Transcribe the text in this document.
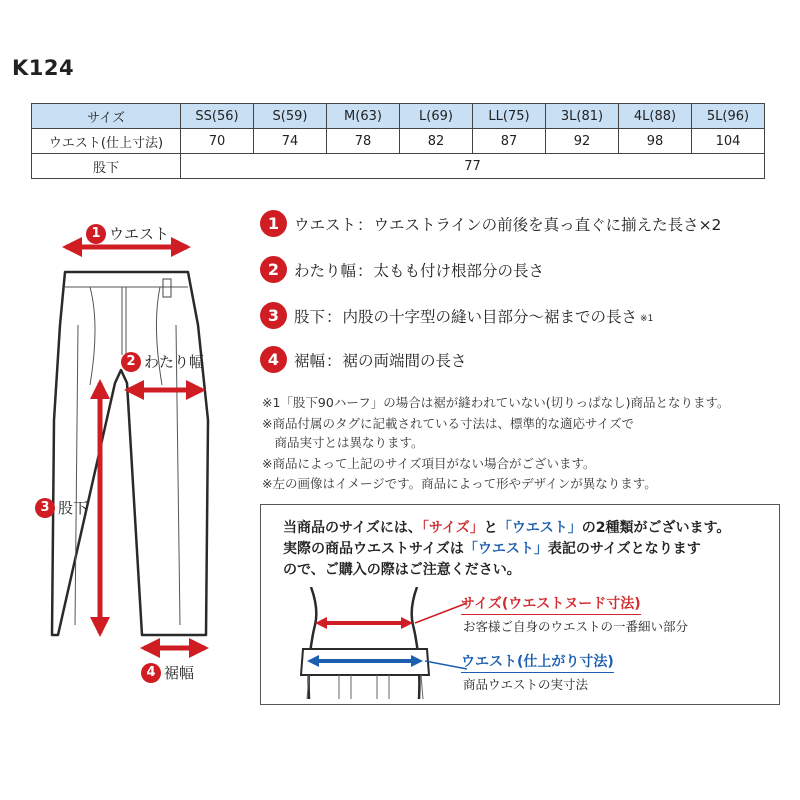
K124
サイズ	SS(56)	S(59)	M(63)	L(69)	LL(75)	3L(81)	4L(88)	5L(96)
ウエスト(仕上寸法)	70	74	78	82	87	92	98	104
股下	77							
1 ウエスト
2 わたり幅
3 股下
4 裾幅
1 ウエスト ： ウエストラインの前後を真っ直ぐに揃えた長さ×2
2 わたり幅 ： 太もも付け根部分の長さ
3 股下 ： 内股の十字型の縫い目部分～裾までの長さ ※1
4 裾幅 ： 裾の両端間の長さ
※1「股下90ハーフ」の場合は裾が縫われていない(切りっぱなし)商品となります。
※商品付属のタグに記載されている寸法は、標準的な適応サイズで
　商品実寸とは異なります。
※商品によって上記のサイズ項目がない場合がございます。
※左の画像はイメージです。商品によって形やデザインが異なります。
当商品のサイズには、「サイズ」と「ウエスト」の2種類がございます。
実際の商品ウエストサイズは「ウエスト」表記のサイズとなります
ので、ご購入の際はご注意ください。
サイズ(ウエストヌード寸法)
お客様ご自身のウエストの一番細い部分
ウエスト(仕上がり寸法)
商品ウエストの実寸法
